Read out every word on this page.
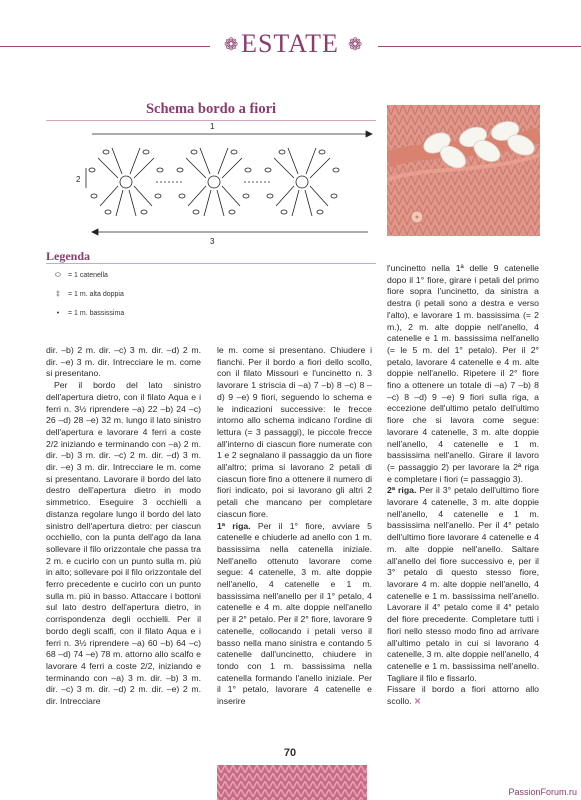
❁ ESTATE ❁
Schema bordo a fiori
1
2
3
Legenda
⬭ = 1 catenella
‡ = 1 m. alta doppia
• = 1 m. bassissima

dir. –b) 2 m. dir. –c) 3 m. dir. –d) 2 m. dir. –e) 3 m. dir. Intrecciare le m. come si presentano.

Per il bordo del lato sinistro dell'apertura dietro, con il filato Aqua e i ferri n. 3½ riprendere –a) 22 –b) 24 –c) 26 –d) 28 –e) 32 m. lungo il lato sinistro dell'apertura e lavorare 4 ferri a coste 2/2 iniziando e terminando con –a) 2 m. dir. –b) 3 m. dir. –c) 2 m. dir. –d) 3 m. dir. –e) 3 m. dir. Intrecciare le m. come si presentano. Lavorare il bordo del lato destro dell'apertura dietro in modo simmetrico. Eseguire 3 occhielli a distanza regolare lungo il bordo del lato sinistro dell'apertura dietro: per ciascun occhiello, con la punta dell'ago da lana sollevare il filo orizzontale che passa tra 2 m. e cucirlo con un punto sulla m. più in alto; sollevare poi il filo orizzontale del ferro precedente e cucirlo con un punto sulla m. più in basso. Attaccare i bottoni sul lato destro dell'apertura dietro, in corrispondenza degli occhielli. Per il bordo degli scalfi, con il filato Aqua e i ferri n. 3½ riprendere –a) 60 –b) 64 –c) 68 –d) 74 –e) 78 m. attorno allo scalfo e lavorare 4 ferri a coste 2/2, iniziando e terminando con –a) 3 m. dir. –b) 3 m. dir. –c) 3 m. dir. –d) 2 m. dir. –e) 2 m. dir. Intrecciare

le m. come si presentano. Chiudere i fianchi. Per il bordo a fiori dello scollo, con il filato Missouri e l'uncinetto n. 3 lavorare 1 striscia di –a) 7 –b) 8 –c) 8 –d) 9 –e) 9 fiori, seguendo lo schema e le indicazioni successive: le frecce intorno allo schema indicano l'ordine di lettura (= 3 passaggi), le piccole frecce all'interno di ciascun fiore numerate con 1 e 2 segnalano il passaggio da un fiore all'altro; prima si lavorano 2 petali di ciascun fiore fino a ottenere il numero di fiori indicato, poi si lavorano gli altri 2 petali che mancano per completare ciascun fiore.

1ª riga. Per il 1° fiore, avviare 5 catenelle e chiuderle ad anello con 1 m. bassissima nella catenella iniziale. Nell'anello ottenuto lavorare come segue: 4 catenelle, 3 m. alte doppie nell'anello, 4 catenelle e 1 m. bassissima nell'anello per il 1° petalo, 4 catenelle e 4 m. alte doppie nell'anello per il 2° petalo. Per il 2° fiore, lavorare 9 catenelle, collocando i petali verso il basso nella mano sinistra e contando 5 catenelle dall'uncinetto, chiudere in tondo con 1 m. bassissima nella catenella formando l'anello iniziale. Per il 1° petalo, lavorare 4 catenelle e inserire

l'uncinetto nella 1ª delle 9 catenelle dopo il 1° fiore, girare i petali del primo fiore sopra l'uncinetto, da sinistra a destra (i petali sono a destra e verso l'alto), e lavorare 1 m. bassissima (= 2 m.), 2 m. alte doppie nell'anello, 4 catenelle e 1 m. bassissima nell'anello (= le 5 m. del 1° petalo). Per il 2° petalo, lavorare 4 catenelle e 4 m. alte doppie nell'anello. Ripetere il 2° fiore fino a ottenere un totale di –a) 7 –b) 8 –c) 8 –d) 9 –e) 9 fiori sulla riga, a eccezione dell'ultimo petalo dell'ultimo fiore che si lavora come segue: lavorare 4 catenelle, 3 m. alte doppie nell'anello, 4 catenelle e 1 m. bassissima nell'anello. Girare il lavoro (= passaggio 2) per lavorare la 2ª riga e completare i fiori (= passaggio 3).

2ª riga. Per il 3° petalo dell'ultimo fiore lavorare 4 catenelle, 3 m. alte doppie nell'anello, 4 catenelle e 1 m. bassissima nell'anello. Per il 4° petalo dell'ultimo fiore lavorare 4 catenelle e 4 m. alte doppie nell'anello. Saltare all'anello del fiore successivo e, per il 3° petalo di questo stesso fiore, lavorare 4 m. alte doppie nell'anello, 4 catenelle e 1 m. bassissima nell'anello. Lavorare il 4° petalo come il 4° petalo del fiore precedente. Completare tutti i fiori nello stesso modo fino ad arrivare all'ultimo petalo in cui si lavorano 4 catenelle, 3 m. alte doppie nell'anello, 4 catenelle e 1 m. bassissima nell'anello. Tagliare il filo e fissarlo.

Fissare il bordo a fiori attorno allo scollo. ✕

70
PassionForum.ru
